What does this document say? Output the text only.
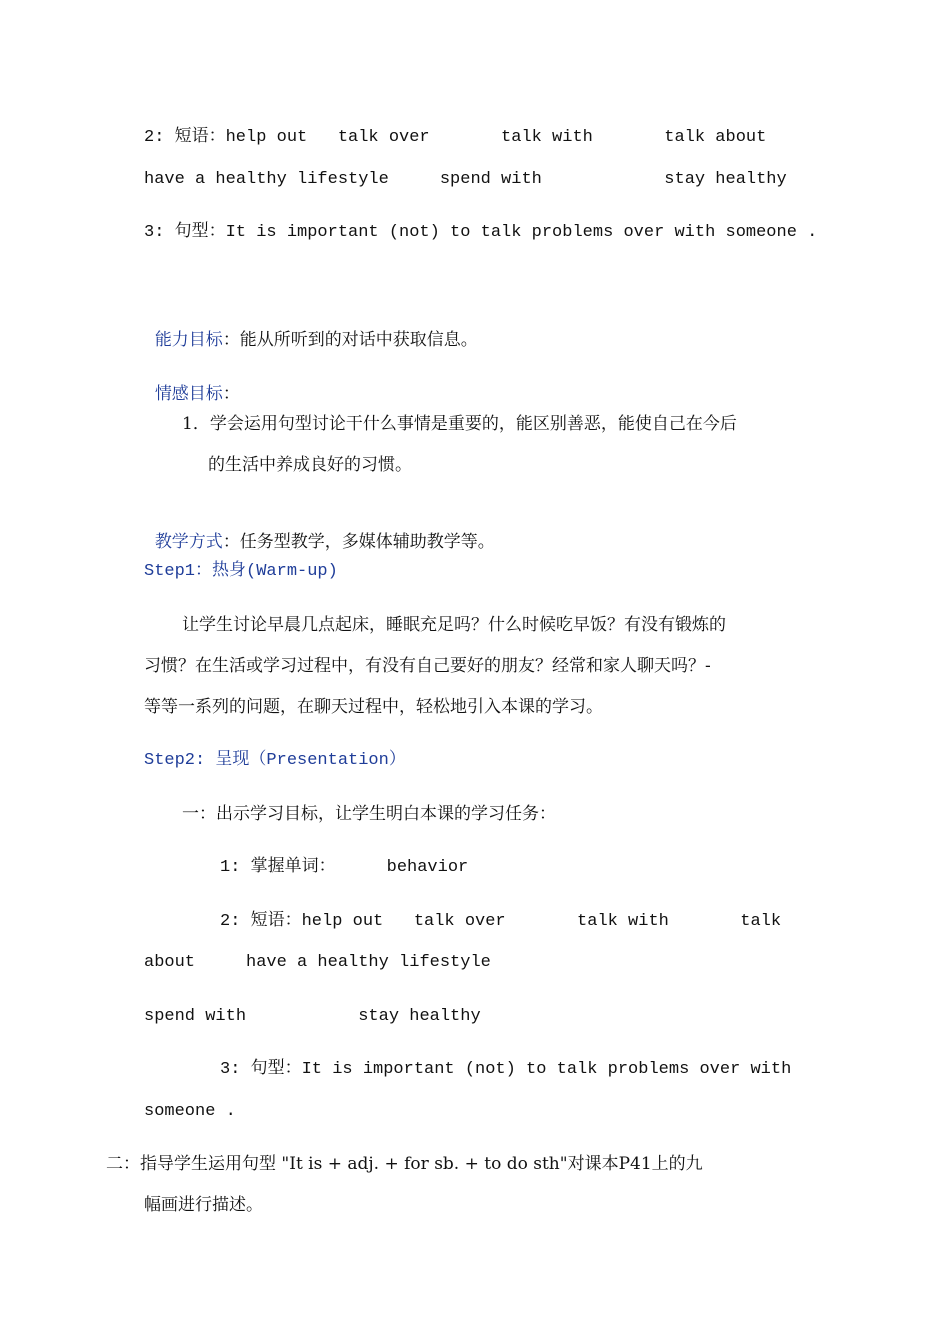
2: 短语：help out   talk over       talk with       talk about
have a healthy lifestyle     spend with            stay healthy
3: 句型：It is important (not) to talk problems over with someone .

能力目标：能从所听到的对话中获取信息。

情感目标：

1．学会运用句型讨论干什么事情是重要的，能区别善恶，能使自己在今后
的生活中养成良好的习惯。

教学方式：任务型教学，多媒体辅助教学等。

Step1：热身(Warm-up)
让学生讨论早晨几点起床，睡眠充足吗？什么时候吃早饭？有没有锻炼的
习惯？在生活或学习过程中，有没有自己要好的朋友？经常和家人聊天吗？-
等等一系列的问题，在聊天过程中，轻松地引入本课的学习。
Step2: 呈现（Presentation）
一：出示学习目标，让学生明白本课的学习任务：
1: 掌握单词：     behavior
2: 短语：help out   talk over       talk with       talk
about     have a healthy lifestyle
spend with           stay healthy
3: 句型：It is important (not) to talk problems over with
someone .
二：指导学生运用句型 "It is + adj. + for sb. + to do sth"对课本P41上的九
幅画进行描述。
